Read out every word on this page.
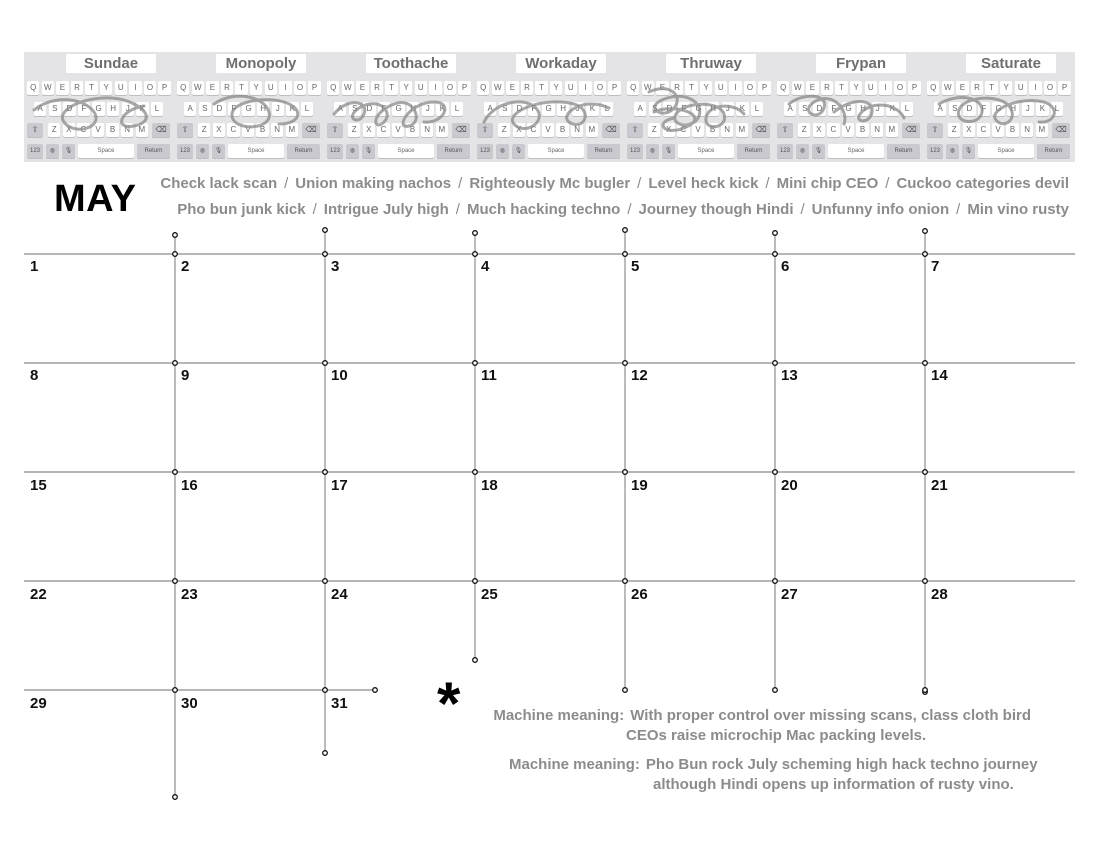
Sundae
Q W	E	R	T	Y	U	I	O	P
A	S	D	F	G	H	J	K	L
⇧	Z	X	C	V	B	N	M	⌫
123	◍	🎙	Space	Return
Monopoly
Q W	E	R	T	Y	U	I	O	P
A	S	D	F	G	H	J	K	L
⇧	Z	X	C	V	B	N	M	⌫
123	◍	🎙	Space	Return
Toothache
Q W	E	R	T	Y	U	I	O	P
A	S	D	F	G	H	J	K	L
⇧	Z	X	C	V	B	N	M	⌫
123	◍	🎙	Space	Return
Workaday
Q W	E	R	T	Y	U	I	O	P
A	S	D	F	G	H	J	K	L
⇧	Z	X	C	V	B	N	M	⌫
123	◍	🎙	Space	Return
Thruway
Q W	E	R	T	Y	U	I	O	P
A	S	D	F	G	H	J	K	L
⇧	Z	X	C	V	B	N	M	⌫
123	◍	🎙	Space	Return
Frypan
Q W	E	R	T	Y	U	I	O	P
A	S	D	F	G	H	J	K	L
⇧	Z	X	C	V	B	N	M	⌫
123	◍	🎙	Space	Return
Saturate
Q W	E	R	T	Y	U	I	O	P
A	S	D	F	G	H	J	K	L
⇧	Z	X	C	V	B	N	M	⌫
123	◍	🎙	Space	Return
MAY Check lack scan / Union making nachos / Righteously Mc bugler / Level heck kick / Mini chip CEO / Cuckoo categories devil
Pho bun junk kick / Intrigue July high / Much hacking techno / Journey though Hindi / Unfunny info onion / Min vino rusty
1	2	3	4	5	6	7
8	9	10	11	12	13	14
15	16	17	18	19	20	21
22	23	24	25	26	27	28
29	30	31 *	Machine meaning: With proper control over missing scans, class cloth bird
CEOs raise microchip Mac packing levels.
Machine meaning: Pho Bun rock July scheming high hack techno journey
although Hindi opens up information of rusty vino.
